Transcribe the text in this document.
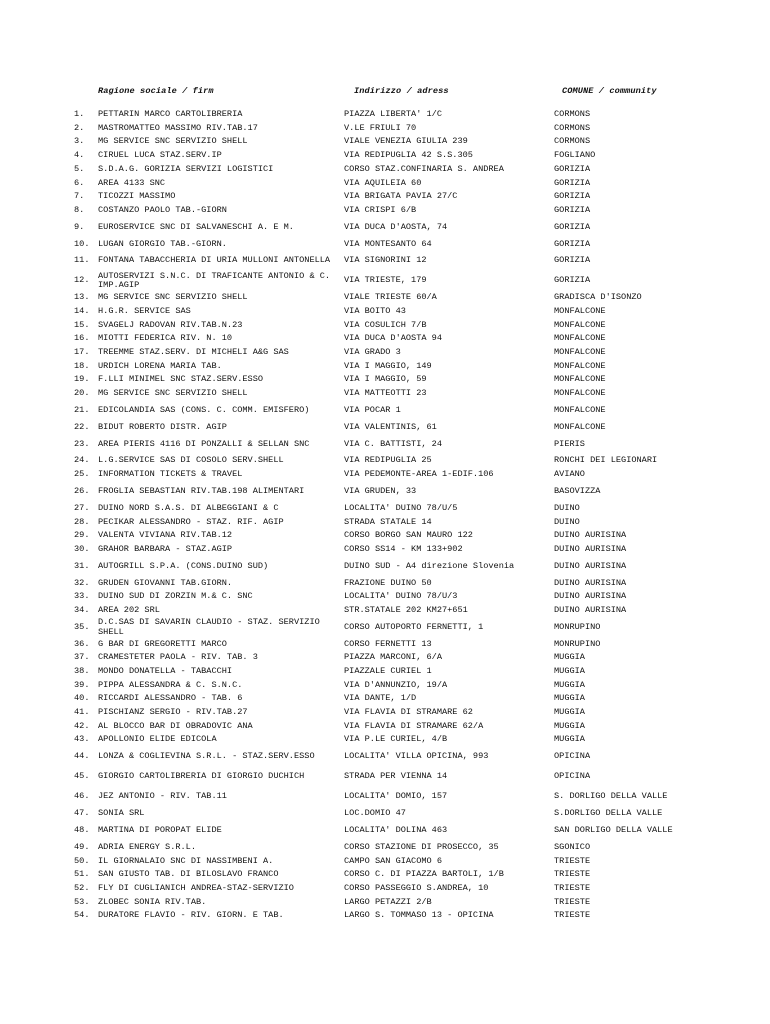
Ragione sociale / firm	Indirizzo / adress	COMUNE / community
1.	PETTARIN MARCO CARTOLIBRERIA	PIAZZA LIBERTA' 1/C	CORMONS
2.	MASTROMATTEO MASSIMO RIV.TAB.17	V.LE FRIULI 70	CORMONS
3.	MG SERVICE SNC SERVIZIO SHELL	VIALE VENEZIA GIULIA 239	CORMONS
4.	CIRUEL LUCA STAZ.SERV.IP	VIA REDIPUGLIA 42 S.S.305	FOGLIANO
5.	S.D.A.G. GORIZIA SERVIZI LOGISTICI	CORSO STAZ.CONFINARIA S. ANDREA	GORIZIA
6.	AREA 4133 SNC	VIA AQUILEIA 60	GORIZIA
7.	TICOZZI MASSIMO	VIA BRIGATA PAVIA 27/C	GORIZIA
8.	COSTANZO PAOLO TAB.-GIORN	VIA CRISPI 6/B	GORIZIA
9.	EUROSERVICE SNC DI SALVANESCHI A. E M.	VIA DUCA D'AOSTA, 74	GORIZIA
10. LUGAN GIORGIO TAB.-GIORN.	VIA MONTESANTO 64	GORIZIA
11. FONTANA TABACCHERIA DI URIA MULLONI ANTONELLA	VIA SIGNORINI 12	GORIZIA
12. AUTOSERVIZI S.N.C. DI TRAFICANTE ANTONIO & C. IMP.AGIP	VIA TRIESTE, 179	GORIZIA
13. MG SERVICE SNC SERVIZIO SHELL	VIALE TRIESTE 60/A	GRADISCA D'ISONZO
14. H.G.R. SERVICE SAS	VIA BOITO 43	MONFALCONE
15. SVAGELJ RADOVAN RIV.TAB.N.23	VIA COSULICH 7/B	MONFALCONE
16. MIOTTI FEDERICA RIV. N. 10	VIA DUCA D'AOSTA 94	MONFALCONE
17. TREEMME STAZ.SERV. DI MICHELI A&G SAS	VIA GRADO 3	MONFALCONE
18. URDICH LORENA MARIA TAB.	VIA I MAGGIO, 149	MONFALCONE
19. F.LLI MINIMEL SNC STAZ.SERV.ESSO	VIA I MAGGIO, 59	MONFALCONE
20. MG SERVICE SNC SERVIZIO SHELL	VIA MATTEOTTI 23	MONFALCONE
21. EDICOLANDIA SAS (CONS. C. COMM. EMISFERO)	VIA POCAR 1	MONFALCONE
22. BIDUT ROBERTO DISTR. AGIP	VIA VALENTINIS, 61	MONFALCONE
23. AREA PIERIS 4116 DI PONZALLI & SELLAN SNC	VIA C. BATTISTI, 24	PIERIS
24. L.G.SERVICE SAS DI COSOLO SERV.SHELL	VIA REDIPUGLIA 25	RONCHI DEI LEGIONARI
25. INFORMATION TICKETS & TRAVEL	VIA PEDEMONTE-AREA 1-EDIF.106	AVIANO
26. FROGLIA SEBASTIAN RIV.TAB.198 ALIMENTARI	VIA GRUDEN, 33	BASOVIZZA
27. DUINO NORD S.A.S. DI ALBEGGIANI & C	LOCALITA' DUINO 78/U/5	DUINO
28. PECIKAR ALESSANDRO - STAZ. RIF. AGIP	STRADA STATALE 14	DUINO
29. VALENTA VIVIANA RIV.TAB.12	CORSO BORGO SAN MAURO 122	DUINO AURISINA
30. GRAHOR BARBARA - STAZ.AGIP	CORSO SS14 - KM 133+902	DUINO AURISINA
31. AUTOGRILL S.P.A. (CONS.DUINO SUD)	DUINO SUD - A4 direzione Slovenia	DUINO AURISINA
32. GRUDEN GIOVANNI TAB.GIORN.	FRAZIONE DUINO 50	DUINO AURISINA
33. DUINO SUD DI ZORZIN M.& C. SNC	LOCALITA' DUINO 78/U/3	DUINO AURISINA
34. AREA 202 SRL	STR.STATALE 202 KM27+651	DUINO AURISINA
35. D.C.SAS DI SAVARIN CLAUDIO - STAZ. SERVIZIO SHELL	CORSO AUTOPORTO FERNETTI, 1	MONRUPINO
36. G BAR DI GREGORETTI MARCO	CORSO FERNETTI 13	MONRUPINO
37. CRAMESTETER PAOLA - RIV. TAB. 3	PIAZZA MARCONI, 6/A	MUGGIA
38. MONDO DONATELLA - TABACCHI	PIAZZALE CURIEL 1	MUGGIA
39. PIPPA ALESSANDRA & C. S.N.C.	VIA D'ANNUNZIO, 19/A	MUGGIA
40. RICCARDI ALESSANDRO - TAB. 6	VIA DANTE, 1/D	MUGGIA
41. PISCHIANZ SERGIO - RIV.TAB.27	VIA FLAVIA DI STRAMARE 62	MUGGIA
42. AL BLOCCO BAR DI OBRADOVIC ANA	VIA FLAVIA DI STRAMARE 62/A	MUGGIA
43. APOLLONIO ELIDE EDICOLA	VIA P.LE CURIEL, 4/B	MUGGIA
44. LONZA & COGLIEVINA S.R.L. - STAZ.SERV.ESSO	LOCALITA' VILLA OPICINA, 993	OPICINA
45. GIORGIO CARTOLIBRERIA DI GIORGIO DUCHICH	STRADA PER VIENNA 14	OPICINA
46. JEZ ANTONIO - RIV. TAB.11	LOCALITA' DOMIO, 157	S. DORLIGO DELLA VALLE
47. SONIA SRL	LOC.DOMIO 47	S.DORLIGO DELLA VALLE
48. MARTINA DI POROPAT ELIDE	LOCALITA' DOLINA 463	SAN DORLIGO DELLA VALLE
49. ADRIA ENERGY S.R.L.	CORSO STAZIONE DI PROSECCO, 35	SGONICO
50. IL GIORNALAIO SNC DI NASSIMBENI A.	CAMPO SAN GIACOMO 6	TRIESTE
51. SAN GIUSTO TAB. DI BILOSLAVO FRANCO	CORSO C. DI PIAZZA BARTOLI, 1/B	TRIESTE
52. FLY DI CUGLIANICH ANDREA-STAZ-SERVIZIO	CORSO PASSEGGIO S.ANDREA, 10	TRIESTE
53. ZLOBEC SONIA RIV.TAB.	LARGO PETAZZI 2/B	TRIESTE
54. DURATORE FLAVIO - RIV. GIORN. E TAB.	LARGO S. TOMMASO 13 - OPICINA	TRIESTE
